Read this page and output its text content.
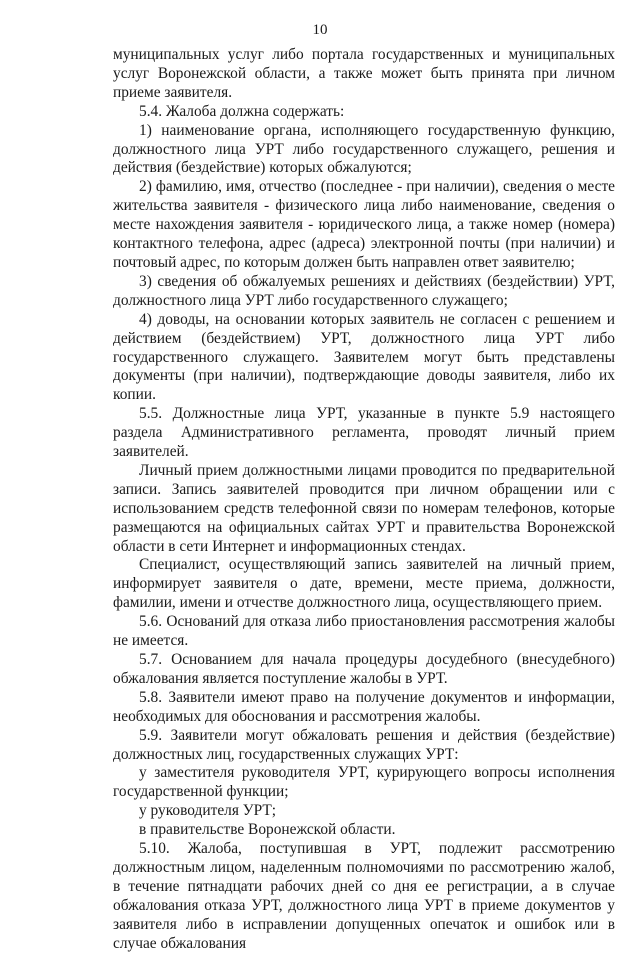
10

муниципальных услуг либо портала государственных и муниципальных услуг Воронежской области, а также может быть принята при личном приеме заявителя.

5.4. Жалоба должна содержать:

1) наименование органа, исполняющего государственную функцию, должностного лица УРТ либо государственного служащего, решения и действия (бездействие) которых обжалуются;

2) фамилию, имя, отчество (последнее - при наличии), сведения о месте жительства заявителя - физического лица либо наименование, сведения о месте нахождения заявителя - юридического лица, а также номер (номера) контактного телефона, адрес (адреса) электронной почты (при наличии) и почтовый адрес, по которым должен быть направлен ответ заявителю;

3) сведения об обжалуемых решениях и действиях (бездействии) УРТ, должностного лица УРТ либо государственного служащего;

4) доводы, на основании которых заявитель не согласен с решением и действием (бездействием) УРТ, должностного лица УРТ либо государственного служащего. Заявителем могут быть представлены документы (при наличии), подтверждающие доводы заявителя, либо их копии.

5.5. Должностные лица УРТ, указанные в пункте 5.9 настоящего раздела Административного регламента, проводят личный прием заявителей.

Личный прием должностными лицами проводится по предварительной записи. Запись заявителей проводится при личном обращении или с использованием средств телефонной связи по номерам телефонов, которые размещаются на официальных сайтах УРТ и правительства Воронежской области в сети Интернет и информационных стендах.

Специалист, осуществляющий запись заявителей на личный прием, информирует заявителя о дате, времени, месте приема, должности, фамилии, имени и отчестве должностного лица, осуществляющего прием.

5.6. Оснований для отказа либо приостановления рассмотрения жалобы не имеется.

5.7. Основанием для начала процедуры досудебного (внесудебного) обжалования является поступление жалобы в УРТ.

5.8. Заявители имеют право на получение документов и информации, необходимых для обоснования и рассмотрения жалобы.

5.9. Заявители могут обжаловать решения и действия (бездействие) должностных лиц, государственных служащих УРТ:

у заместителя руководителя УРТ, курирующего вопросы исполнения государственной функции;

у руководителя УРТ;

в правительстве Воронежской области.

5.10. Жалоба, поступившая в УРТ, подлежит рассмотрению должностным лицом, наделенным полномочиями по рассмотрению жалоб, в течение пятнадцати рабочих дней со дня ее регистрации, а в случае обжалования отказа УРТ, должностного лица УРТ в приеме документов у заявителя либо в исправлении допущенных опечаток и ошибок или в случае обжалования
